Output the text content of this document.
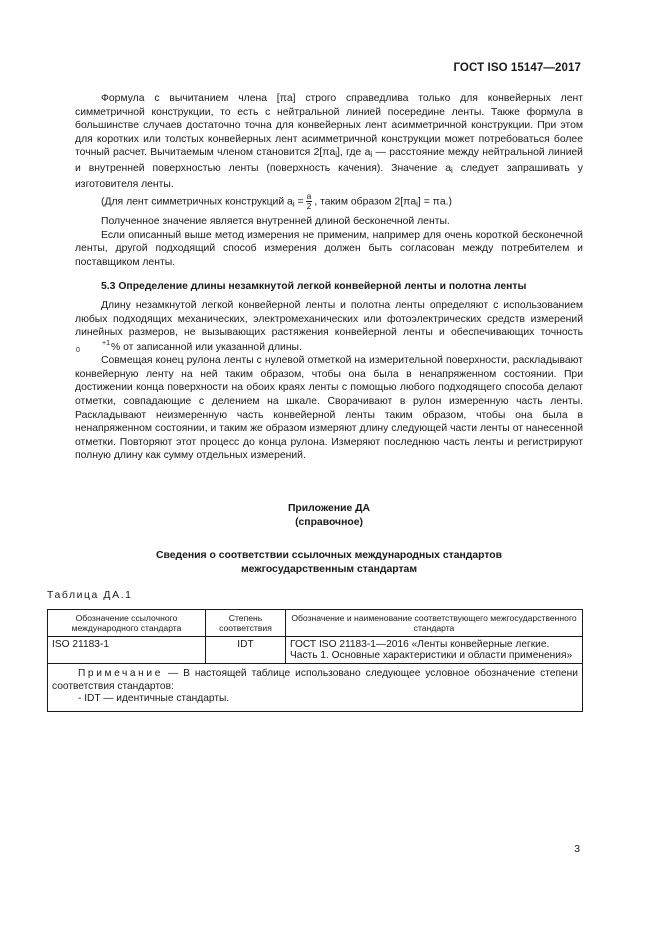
ГОСТ ISO 15147—2017

Формула с вычитанием члена [πa] строго справедлива только для конвейерных лент симметричной конструкции, то есть с нейтральной линией посередине ленты. Также формула в большинстве случаев достаточно точна для конвейерных лент асимметричной конструкции. При этом для коротких или толстых конвейерных лент асимметричной конструкции может потребоваться более точный расчет. Вычитаемым членом становится $2[\pi a_i]$, где $a_i$ — расстояние между нейтральной линией и внутренней поверхностью ленты (поверхность качения). Значение $a_i$ следует запрашивать у изготовителя ленты.

(Для лент симметричных конструкций $a_i = \frac{a}{2}$ , таким образом $2[\pi a_i] = \pi a$.)

Полученное значение является внутренней длиной бесконечной ленты.

Если описанный выше метод измерения не применим, например для очень короткой бесконечной ленты, другой подходящий способ измерения должен быть согласован между потребителем и поставщиком ленты.

5.3 Определение длины незамкнутой легкой конвейерной ленты и полотна ленты

Длину незамкнутой легкой конвейерной ленты и полотна ленты определяют с использованием любых подходящих механических, электромеханических или фотоэлектрических средств измерений линейных размеров, не вызывающих растяжения конвейерной ленты и обеспечивающих точность +1
0	% от записанной или указанной длины.

Совмещая конец рулона ленты с нулевой отметкой на измерительной поверхности, раскладывают конвейерную ленту на ней таким образом, чтобы она была в ненапряженном состоянии. При достижении конца поверхности на обоих краях ленты с помощью любого подходящего способа делают отметки, совпадающие с делением на шкале. Сворачивают в рулон измеренную часть ленты. Раскладывают неизмеренную часть конвейерной ленты таким образом, чтобы она была в ненапряженном состоянии, и таким же образом измеряют длину следующей части ленты от нанесенной отметки. Повторяют этот процесс до конца рулона. Измеряют последнюю часть ленты и регистрируют полную длину как сумму отдельных измерений.

Приложение ДА
(справочное)
Сведения о соответствии ссылочных международных стандартов
межгосударственным стандартам
Таблица ДА.1
Обозначение ссылочного международного стандарта	Степень соответствия	Обозначение и наименование соответствующего межгосударственного стандарта
ISO 21183-1	IDT	ГОСТ ISO 21183-1—2016 «Ленты конвейерные легкие. Часть 1. Основные характеристики и области применения»

Примечание — В настоящей таблице использовано следующее условное обозначение степени соответствия стандартов:
- IDT — идентичные стандарты.		
3
